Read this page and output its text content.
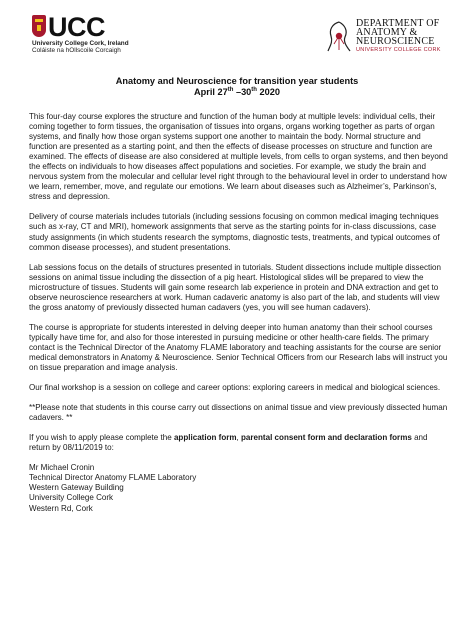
UCC
University College Cork, Ireland
Coláiste na hOllscoile Corcaigh
DEPARTMENT OF
ANATOMY &
NEUROSCIENCE
UNIVERSITY COLLEGE CORK
Anatomy and Neuroscience for transition year students
April 27th –30th 2020

This four-day course explores the structure and function of the human body at multiple levels: individual cells, their coming together to form tissues, the organisation of tissues into organs, organs working together as parts of organ systems, and finally how those organ systems support one another to maintain the body. Normal structure and function are presented as a starting point, and then the effects of disease processes on structure and function are examined. The effects of disease are also considered at multiple levels, from cells to organ systems, and then beyond the effects on individuals to how diseases affect populations and societies. For example, we study the brain and nervous system from the molecular and cellular level right through to the behavioural level in order to understand how we learn, remember, move, and regulate our emotions. We learn about diseases such as Alzheimer’s, Parkinson’s, stress and depression.

Delivery of course materials includes tutorials (including sessions focusing on common medical imaging techniques such as x-ray, CT and MRI), homework assignments that serve as the starting points for in-class discussions, case study assignments (in which students research the symptoms, diagnostic tests, treatments, and typical outcomes of common disease processes), and student presentations.

Lab sessions focus on the details of structures presented in tutorials. Student dissections include multiple dissection sessions on animal tissue including the dissection of a pig heart. Histological slides will be prepared to view the microstructure of tissues. Students will gain some research lab experience in protein and DNA extraction and get to observe neuroscience researchers at work. Human cadaveric anatomy is also part of the lab, and students will view the gross anatomy of previously dissected human cadavers (yes, you will see human cadavers).

The course is appropriate for students interested in delving deeper into human anatomy than their school courses typically have time for, and also for those interested in pursuing medicine or other health-care fields. The primary contact is the Technical Director of the Anatomy FLAME laboratory and teaching assistants for the course are senior medical demonstrators in Anatomy & Neuroscience. Senior Technical Officers from our Research labs will instruct you on tissue preparation and image analysis.

Our final workshop is a session on college and career options: exploring careers in medical and biological sciences.

**Please note that students in this course carry out dissections on animal tissue and view previously dissected human cadavers. **

If you wish to apply please complete the application form, parental consent form and declaration forms and return by 08/11/2019 to:

Mr Michael Cronin
Technical Director Anatomy FLAME Laboratory
Western Gateway Building
University College Cork
Western Rd, Cork
